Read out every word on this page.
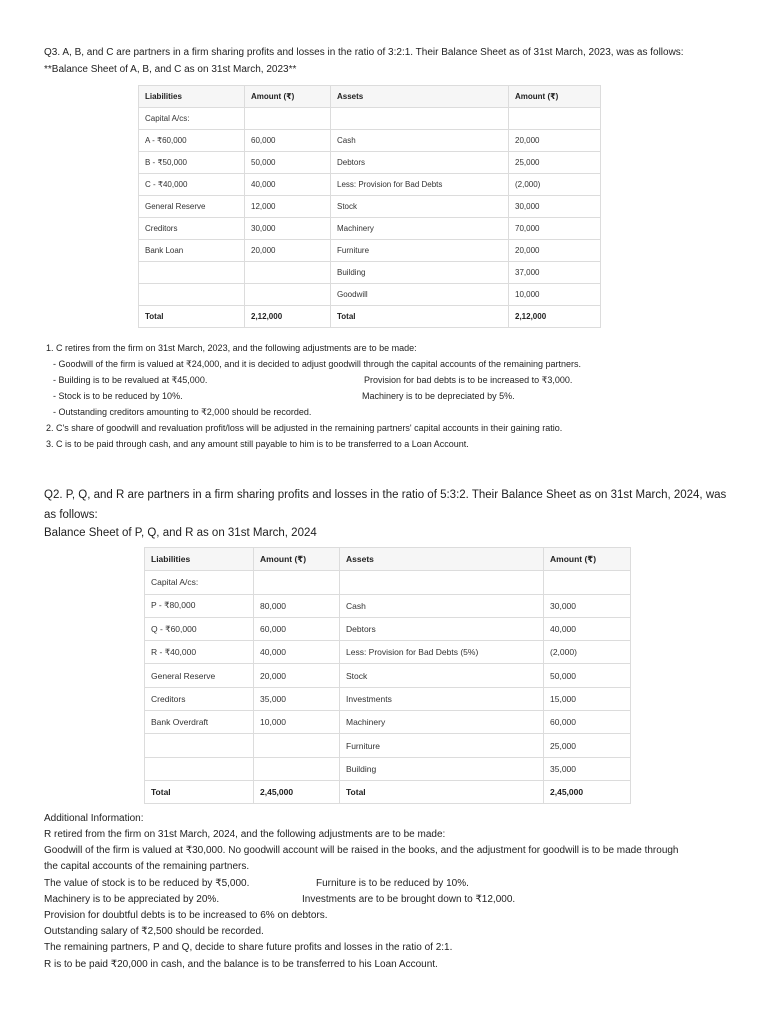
Q3. A, B, and C are partners in a firm sharing profits and losses in the ratio of 3:2:1. Their Balance Sheet as of 31st March, 2023, was as follows:
**Balance Sheet of A, B, and C as on 31st March, 2023**
Liabilities	Amount (₹)	Assets	Amount (₹)
Capital A/cs:			
A - ₹60,000	60,000	Cash	20,000
B - ₹50,000	50,000	Debtors	25,000
C - ₹40,000	40,000	Less: Provision for Bad Debts	(2,000)
General Reserve	12,000	Stock	30,000
Creditors	30,000	Machinery	70,000
Bank Loan	20,000	Furniture	20,000
		Building	37,000
		Goodwill	10,000
Total	2,12,000	Total	2,12,000
1. C retires from the firm on 31st March, 2023, and the following adjustments are to be made:
- Goodwill of the firm is valued at ₹24,000, and it is decided to adjust goodwill through the capital accounts of the remaining partners.
- Building is to be revalued at ₹45,000.	Provision for bad debts is to be increased to ₹3,000.
- Stock is to be reduced by 10%.	Machinery is to be depreciated by 5%.
- Outstanding creditors amounting to ₹2,000 should be recorded.
2. C's share of goodwill and revaluation profit/loss will be adjusted in the remaining partners' capital accounts in their gaining ratio.
3. C is to be paid through cash, and any amount still payable to him is to be transferred to a Loan Account.
Q2. P, Q, and R are partners in a firm sharing profits and losses in the ratio of 5:3:2. Their Balance Sheet as on 31st March, 2024, was
as follows:
Balance Sheet of P, Q, and R as on 31st March, 2024
Liabilities	Amount (₹)	Assets	Amount (₹)
Capital A/cs:			
P - ₹80,000	80,000	Cash	30,000
Q - ₹60,000	60,000	Debtors	40,000
R - ₹40,000	40,000	Less: Provision for Bad Debts (5%)	(2,000)
General Reserve	20,000	Stock	50,000
Creditors	35,000	Investments	15,000
Bank Overdraft	10,000	Machinery	60,000
		Furniture	25,000
		Building	35,000
Total	2,45,000	Total	2,45,000
Additional Information:
R retired from the firm on 31st March, 2024, and the following adjustments are to be made:
Goodwill of the firm is valued at ₹30,000. No goodwill account will be raised in the books, and the adjustment for goodwill is to be made through
the capital accounts of the remaining partners.
The value of stock is to be reduced by ₹5,000.	Furniture is to be reduced by 10%.
Machinery is to be appreciated by 20%.	Investments are to be brought down to ₹12,000.
Provision for doubtful debts is to be increased to 6% on debtors.
Outstanding salary of ₹2,500 should be recorded.
The remaining partners, P and Q, decide to share future profits and losses in the ratio of 2:1.
R is to be paid ₹20,000 in cash, and the balance is to be transferred to his Loan Account.
